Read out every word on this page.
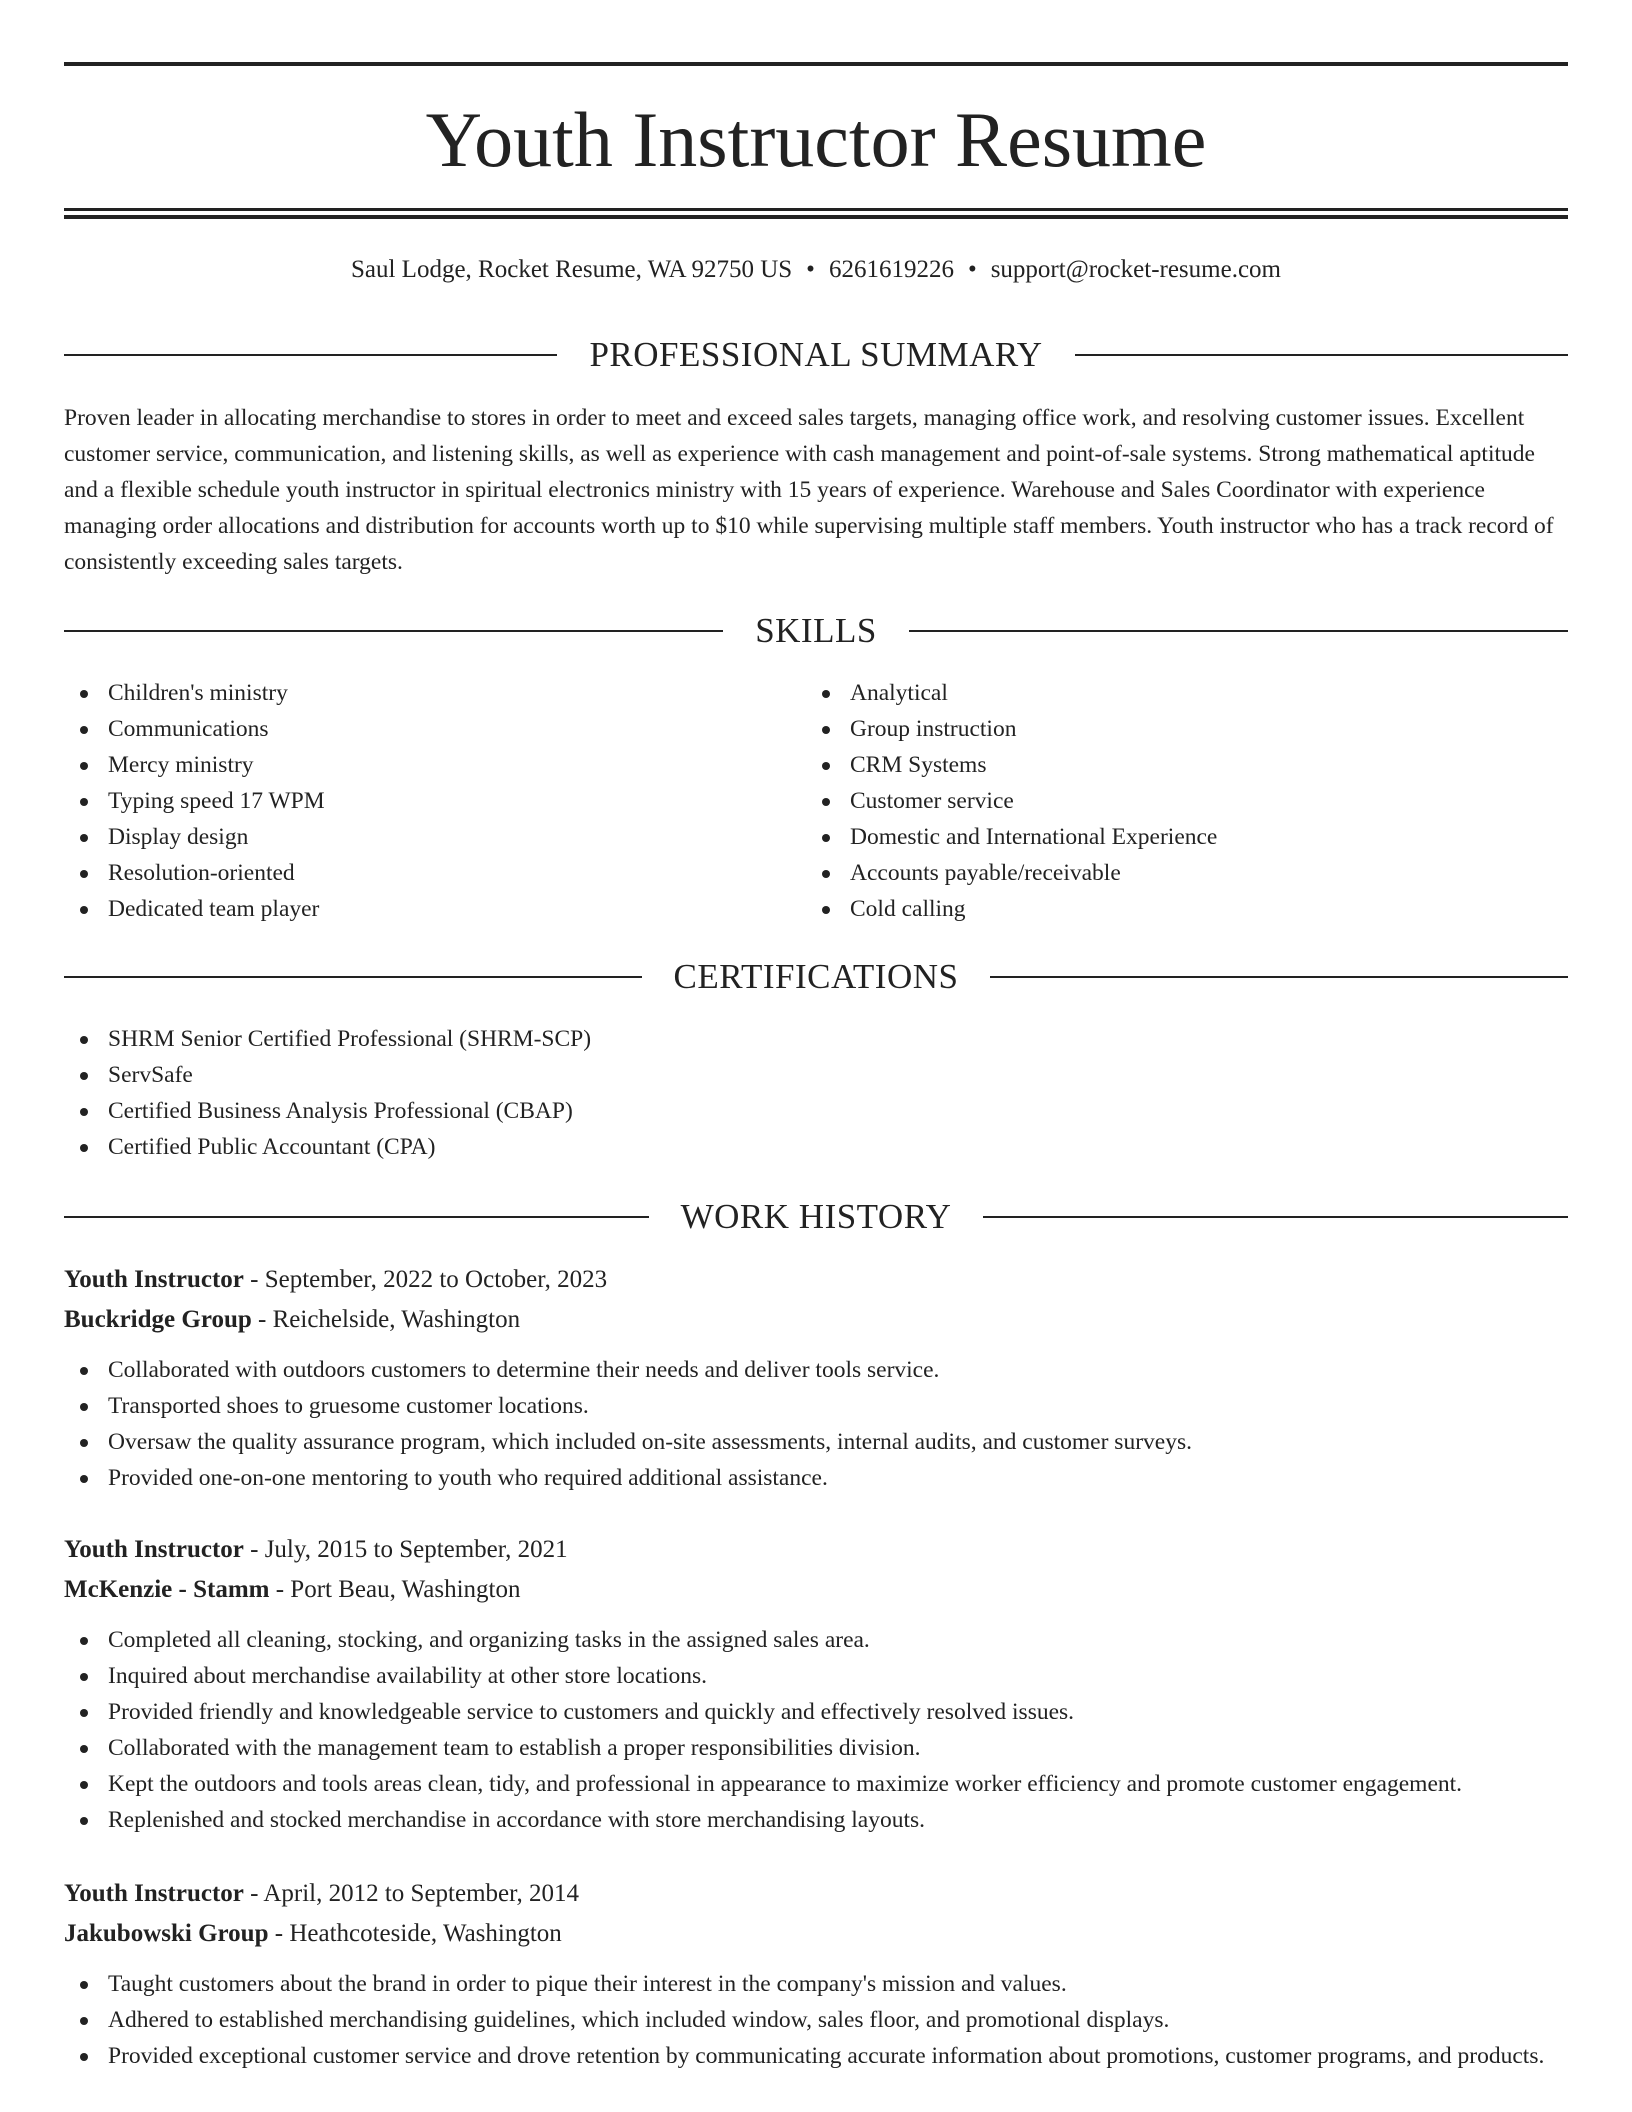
Youth Instructor Resume
Saul Lodge, Rocket Resume, WA 92750 US • 6261619226 • support@rocket-resume.com
PROFESSIONAL SUMMARY

Proven leader in allocating merchandise to stores in order to meet and exceed sales targets, managing office work, and resolving customer issues. Excellent customer service, communication, and listening skills, as well as experience with cash management and point-of-sale systems. Strong mathematical aptitude and a flexible schedule youth instructor in spiritual electronics ministry with 15 years of experience. Warehouse and Sales Coordinator with experience managing order allocations and distribution for accounts worth up to $10 while supervising multiple staff members. Youth instructor who has a track record of consistently exceeding sales targets.

SKILLS
Children's ministry
Communications
Mercy ministry
Typing speed 17 WPM
Display design
Resolution-oriented
Dedicated team player
Analytical
Group instruction
CRM Systems
Customer service
Domestic and International Experience
Accounts payable/receivable
Cold calling
CERTIFICATIONS
SHRM Senior Certified Professional (SHRM-SCP)
ServSafe
Certified Business Analysis Professional (CBAP)
Certified Public Accountant (CPA)
WORK HISTORY
Youth Instructor - September, 2022 to October, 2023
Buckridge Group - Reichelside, Washington
Collaborated with outdoors customers to determine their needs and deliver tools service.
Transported shoes to gruesome customer locations.
Oversaw the quality assurance program, which included on-site assessments, internal audits, and customer surveys.
Provided one-on-one mentoring to youth who required additional assistance.
Youth Instructor - July, 2015 to September, 2021
McKenzie - Stamm - Port Beau, Washington
Completed all cleaning, stocking, and organizing tasks in the assigned sales area.
Inquired about merchandise availability at other store locations.
Provided friendly and knowledgeable service to customers and quickly and effectively resolved issues.
Collaborated with the management team to establish a proper responsibilities division.
Kept the outdoors and tools areas clean, tidy, and professional in appearance to maximize worker efficiency and promote customer engagement.
Replenished and stocked merchandise in accordance with store merchandising layouts.
Youth Instructor - April, 2012 to September, 2014
Jakubowski Group - Heathcoteside, Washington
Taught customers about the brand in order to pique their interest in the company's mission and values.
Adhered to established merchandising guidelines, which included window, sales floor, and promotional displays.
Provided exceptional customer service and drove retention by communicating accurate information about promotions, customer programs, and products.
